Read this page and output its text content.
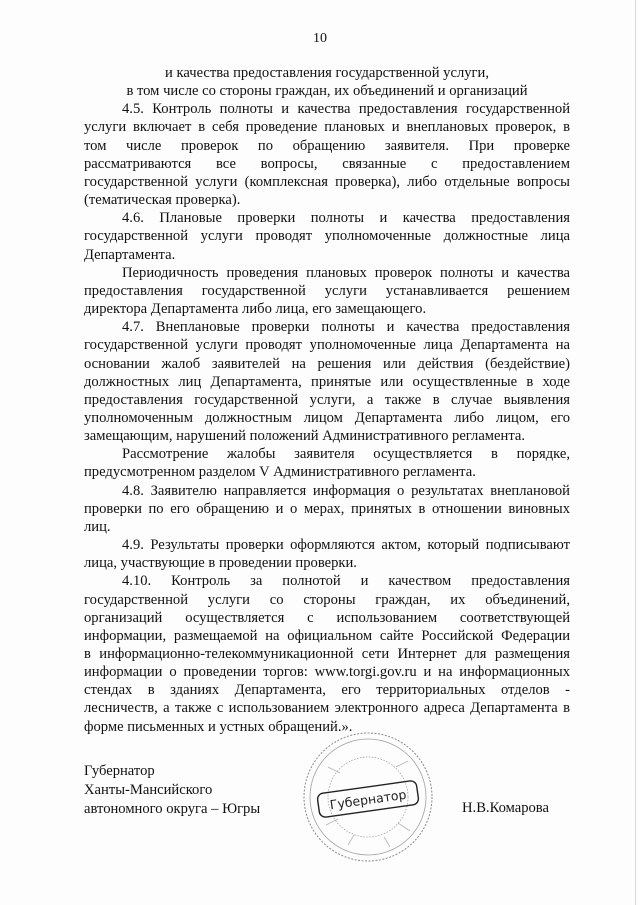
10
и качества предоставления государственной услуги,
в том числе со стороны граждан, их объединений и организаций
4.5. Контроль полноты и качества предоставления государственной
услуги включает в себя проведение плановых и внеплановых проверок, в
том числе проверок по обращению заявителя. При проверке
рассматриваются все вопросы, связанные с предоставлением
государственной услуги (комплексная проверка), либо отдельные вопросы
(тематическая проверка).
4.6. Плановые проверки полноты и качества предоставления
государственной услуги проводят уполномоченные должностные лица
Департамента.
Периодичность проведения плановых проверок полноты и качества
предоставления государственной услуги устанавливается решением
директора Департамента либо лица, его замещающего.
4.7. Внеплановые проверки полноты и качества предоставления
государственной услуги проводят уполномоченные лица Департамента на
основании жалоб заявителей на решения или действия (бездействие)
должностных лиц Департамента, принятые или осуществленные в ходе
предоставления государственной услуги, а также в случае выявления
уполномоченным должностным лицом Департамента либо лицом, его
замещающим, нарушений положений Административного регламента.
Рассмотрение жалобы заявителя осуществляется в порядке,
предусмотренном разделом V Административного регламента.
4.8. Заявителю направляется информация о результатах внеплановой
проверки по его обращению и о мерах, принятых в отношении виновных
лиц.
4.9. Результаты проверки оформляются актом, который подписывают
лица, участвующие в проведении проверки.
4.10. Контроль за полнотой и качеством предоставления
государственной услуги со стороны граждан, их объединений,
организаций осуществляется с использованием соответствующей
информации, размещаемой на официальном сайте Российской Федерации
в информационно-телекоммуникационной сети Интернет для размещения
информации о проведении торгов: www.torgi.gov.ru и на информационных
стендах в зданиях Департамента, его территориальных отделов -
лесничеств, а также с использованием электронного адреса Департамента в
форме письменных и устных обращений.».
Губернатор
Ханты-Мансийского
автономного округа – Югры	Губернатор	Н.В.Комарова
